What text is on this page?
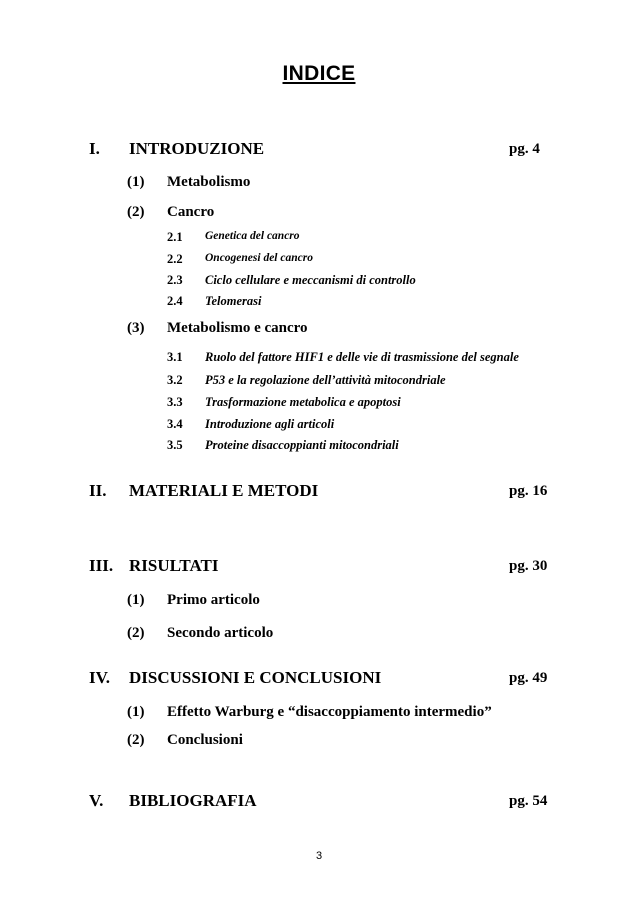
INDICE
I. INTRODUZIONE	pg. 4
(1) Metabolismo
(2) Cancro
2.1 Genetica del cancro
2.2 Oncogenesi del cancro
2.3 Ciclo cellulare e meccanismi di controllo
2.4 Telomerasi
(3) Metabolismo e cancro
3.1 Ruolo del fattore HIF1 e delle vie di trasmissione del segnale
3.2 P53 e la regolazione dell’attività mitocondriale
3.3 Trasformazione metabolica e apoptosi
3.4 Introduzione agli articoli
3.5 Proteine disaccoppianti mitocondriali
II. MATERIALI E METODI	pg. 16
III. RISULTATI	pg. 30
(1) Primo articolo
(2) Secondo articolo
IV. DISCUSSIONI E CONCLUSIONI	pg. 49
(1) Effetto Warburg e “disaccoppiamento intermedio”
(2) Conclusioni
V. BIBLIOGRAFIA	pg. 54
3
